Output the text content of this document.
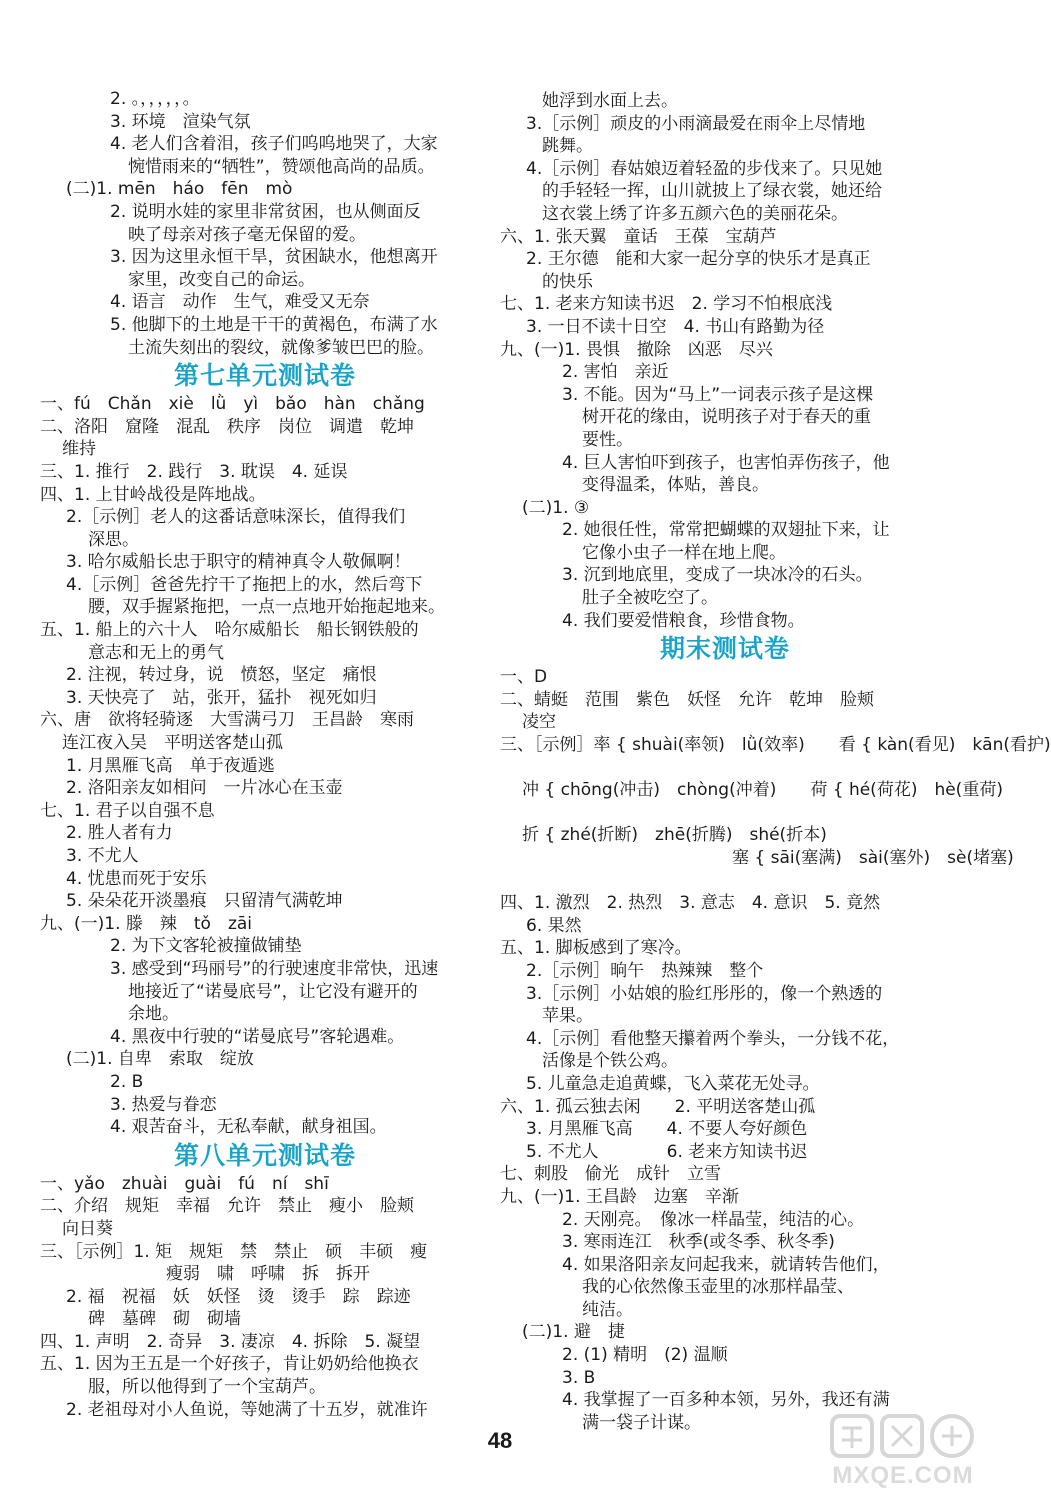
2. 。，，，，，。
3. 环境　渲染气氛
4. 老人们含着泪，孩子们呜呜地哭了，大家
惋惜雨来的“牺牲”，赞颂他高尚的品质。
(二)1. mēn　háo　fēn　mò
2. 说明水娃的家里非常贫困，也从侧面反
映了母亲对孩子毫无保留的爱。
3. 因为这里永恒干旱，贫困缺水，他想离开
家里，改变自己的命运。
4. 语言　动作　生气，难受又无奈
5. 他脚下的土地是干干的黄褐色，布满了水
土流失刻出的裂纹，就像爹皱巴巴的脸。
第七单元测试卷
一、fú　Chǎn　xiè　lǜ　yì　bǎo　hàn　chǎng
二、洛阳　窟隆　混乱　秩序　岗位　调遣　乾坤
维持
三、1. 推行　2. 践行　3. 耽误　4. 延误
四、1. 上甘岭战役是阵地战。
2.［示例］老人的这番话意味深长，值得我们
深思。
3. 哈尔威船长忠于职守的精神真令人敬佩啊！
4.［示例］爸爸先拧干了拖把上的水，然后弯下
腰，双手握紧拖把，一点一点地开始拖起地来。
五、1. 船上的六十人　哈尔威船长　船长钢铁般的
意志和无上的勇气
2. 注视，转过身，说　愤怒，坚定　痛恨
3. 天快亮了　站，张开，猛扑　视死如归
六、唐　欲将轻骑逐　大雪满弓刀　王昌龄　寒雨
连江夜入吴　平明送客楚山孤
1. 月黑雁飞高　单于夜遁逃
2. 洛阳亲友如相问　一片冰心在玉壶
七、1. 君子以自强不息
2. 胜人者有力
3. 不尤人
4. 忧患而死于安乐
5. 朵朵花开淡墨痕　只留清气满乾坤
九、(一)1. 滕　辣　tǒ　zāi
2. 为下文客轮被撞做铺垫
3. 感受到“玛丽号”的行驶速度非常快，迅速
地接近了“诺曼底号”，让它没有避开的
余地。
4. 黑夜中行驶的“诺曼底号”客轮遇难。
(二)1. 自卑　索取　绽放
2. B
3. 热爱与眷恋
4. 艰苦奋斗，无私奉献，献身祖国。
第八单元测试卷
一、yǎo　zhuài　guài　fú　ní　shī
二、介绍　规矩　幸福　允许　禁止　瘦小　脸颊
向日葵
三、［示例］1. 矩　规矩　禁　禁止　硕　丰硕　瘦
瘦弱　啸　呼啸　拆　拆开
2. 福　祝福　妖　妖怪　烫　烫手　踪　踪迹
碑　墓碑　砌　砌墙
四、1. 声明　2. 奇异　3. 凄凉　4. 拆除　5. 凝望
五、1. 因为王五是一个好孩子，肯让奶奶给他换衣
服，所以他得到了一个宝葫芦。
2. 老祖母对小人鱼说，等她满了十五岁，就准许
她浮到水面上去。
3.［示例］顽皮的小雨滴最爱在雨伞上尽情地
跳舞。
4.［示例］春姑娘迈着轻盈的步伐来了。只见她
的手轻轻一挥，山川就披上了绿衣裳，她还给
这衣裳上绣了许多五颜六色的美丽花朵。
六、1. 张天翼　童话　王葆　宝葫芦
2. 王尔德　能和大家一起分享的快乐才是真正
的快乐
七、1. 老来方知读书迟　2. 学习不怕根底浅
3. 一日不读十日空　4. 书山有路勤为径
九、(一)1. 畏惧　撤除　凶恶　尽兴
2. 害怕　亲近
3. 不能。因为“马上”一词表示孩子是这棵
树开花的缘由，说明孩子对于春天的重
要性。
4. 巨人害怕吓到孩子，也害怕弄伤孩子，他
变得温柔，体贴，善良。
(二)1. ③
2. 她很任性，常常把蝴蝶的双翅扯下来，让
它像小虫子一样在地上爬。
3. 沉到地底里，变成了一块冰冷的石头。
肚子全被吃空了。
4. 我们要爱惜粮食，珍惜食物。
期末测试卷
一、D
二、蜻蜓　范围　紫色　妖怪　允许　乾坤　脸颊
凌空
三、［示例］率 { shuài(率领)　lǜ(效率)　　看 { kàn(看见)　kān(看护)
冲 { chōng(冲击)　chòng(冲着)　　荷 { hé(荷花)　hè(重荷)
折 { zhé(折断)　zhē(折腾)　shé(折本)
塞 { sāi(塞满)　sài(塞外)　sè(堵塞)
四、1. 激烈　2. 热烈　3. 意志　4. 意识　5. 竟然
6. 果然
五、1. 脚板感到了寒冷。
2.［示例］晌午　热辣辣　整个
3.［示例］小姑娘的脸红彤彤的，像一个熟透的
苹果。
4.［示例］看他整天攥着两个拳头，一分钱不花，
活像是个铁公鸡。
5. 儿童急走追黄蝶，飞入菜花无处寻。
六、1. 孤云独去闲　　2. 平明送客楚山孤
3. 月黑雁飞高　　4. 不要人夸好颜色
5. 不尤人　　　　6. 老来方知读书迟
七、刺股　偷光　成针　立雪
九、(一)1. 王昌龄　边塞　辛渐
2. 天刚亮。　像冰一样晶莹，纯洁的心。
3. 寒雨连江　秋季(或冬季、秋冬季)
4. 如果洛阳亲友问起我来，就请转告他们，
我的心依然像玉壶里的冰那样晶莹、
纯洁。
(二)1. 避　捷
2. (1) 精明　(2) 温顺
3. B
4. 我掌握了一百多种本领，另外，我还有满
满一袋子计谋。
48
MXQE.COM
